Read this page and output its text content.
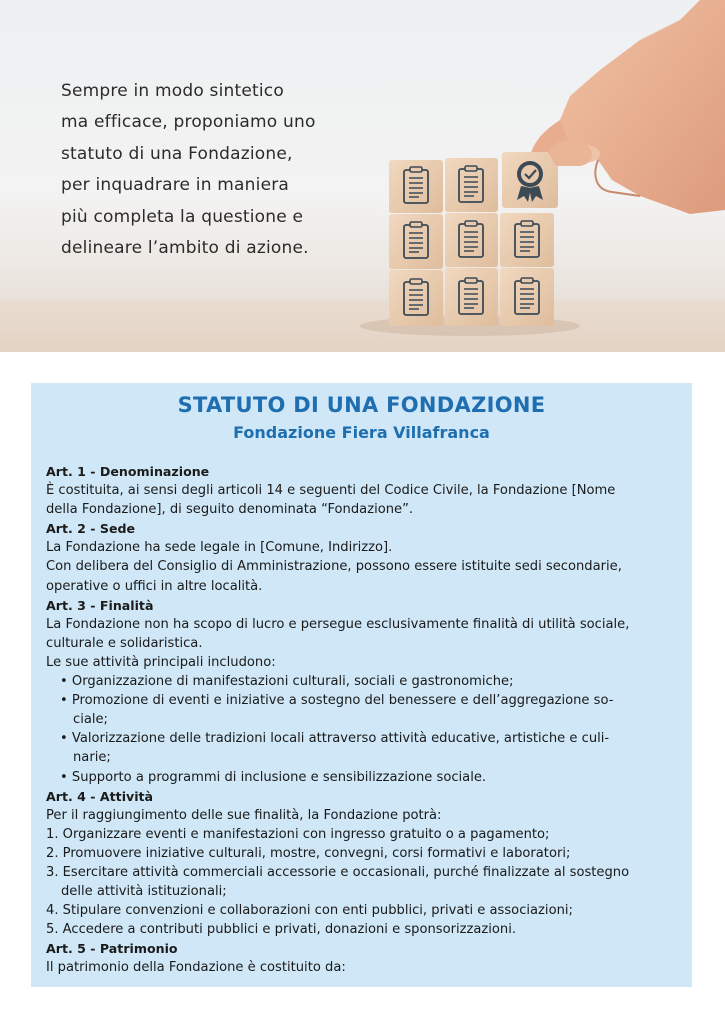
Sempre in modo sintetico
ma efficace, proponiamo uno
statuto di una Fondazione,
per inquadrare in maniera
più completa la questione e
delineare l’ambito di azione.
STATUTO DI UNA FONDAZIONE
Fondazione Fiera Villafranca
Art. 1 - Denominazione
È costituita, ai sensi degli articoli 14 e seguenti del Codice Civile, la Fondazione [Nome
della Fondazione], di seguito denominata “Fondazione”.
Art. 2 - Sede
La Fondazione ha sede legale in [Comune, Indirizzo].
Con delibera del Consiglio di Amministrazione, possono essere istituite sedi secondarie,
operative o uffici in altre località.
Art. 3 - Finalità
La Fondazione non ha scopo di lucro e persegue esclusivamente finalità di utilità sociale,
culturale e solidaristica.
Le sue attività principali includono:
• Organizzazione di manifestazioni culturali, sociali e gastronomiche;
• Promozione di eventi e iniziative a sostegno del benessere e dell’aggregazione so-
ciale;
• Valorizzazione delle tradizioni locali attraverso attività educative, artistiche e culi-
narie;
• Supporto a programmi di inclusione e sensibilizzazione sociale.
Art. 4 - Attività
Per il raggiungimento delle sue finalità, la Fondazione potrà:
1. Organizzare eventi e manifestazioni con ingresso gratuito o a pagamento;
2. Promuovere iniziative culturali, mostre, convegni, corsi formativi e laboratori;
3. Esercitare attività commerciali accessorie e occasionali, purché finalizzate al sostegno
delle attività istituzionali;
4. Stipulare convenzioni e collaborazioni con enti pubblici, privati e associazioni;
5. Accedere a contributi pubblici e privati, donazioni e sponsorizzazioni.
Art. 5 - Patrimonio
Il patrimonio della Fondazione è costituito da:
